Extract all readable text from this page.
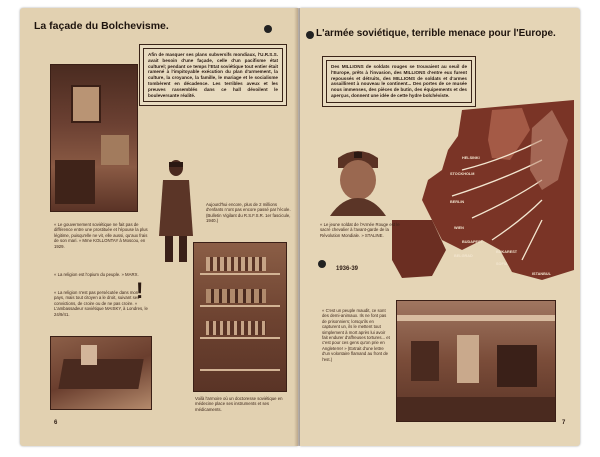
La façade du Bolchevisme.
Afin de masquer ses plans subversifs mondiaux, l'U.R.S.S. avait besoin d'une façade, celle d'un pacifisme état culturel; pendant ce temps l'Etat soviétique tout entier était ramené à l'impitoyable exécution du plan d'armement, la culture, la croyance, la famille, le mariage et le socialisme tombèrent en décadence. Les terribles aveux et les preuves rassemblés dans ce hall dévoilent le bouleversante réalité.
Aujourd'hui encore, plus de 2 millions d'enfants n'ont pas encore passé par l'école. (Bulletin Vigilant du R.S.F.S.R. 1er fascicule, 1940.)
« Le gouvernement soviétique ne fait pas de différence entre une prostituée et l'épouse la plus légitime, puisqu'elle ne vit, elle aussi, qu'aux frais de son mari. » Mme KOLLONTAY à Moscou, en 1929.
« La religion est l'opium du peuple. » MARX.
« La religion n'est pas persécutée dans mon pays, mais tout citoyen a le droit, suivant ses convictions, de croire ou de ne pas croire. » L'ambassadeur soviétique MAISKY, à Londres, le 24/9/41.
!
Voilà l'armoire où un doctoresse soviétique en médecine place ses instruments et ses médicaments.
6
L'armée soviétique, terrible menace pour l'Europe.
Des MILLIONS de soldats rouges se trouvaient au seuil de l'Europe, prêts à l'invasion, des MILLIONS d'entre eux furent repoussés et détruits, des MILLIONS de soldats et d'armes assaillirent à nouveau le continent... Des portes de ce musée nous immenses, des pièces de butin, des équipements et des aperçus, donnent une idée de cette hydre bolchéviste.
HELSINKI
STOCKHOLM
BERLIN
WIEN
BUDAPEST
BELGRAD
BUKAREST
SOFIA
ISTANBUL
« Le jeune soldat de l'Armée Rouge est le sacré chevalier à l'avant-garde de la Révolution Mondiale. » STALINE.
1936-39
« C'est un peuple maudit, ce sont des demi-animaux. Ils ne font pas de prisonniers; lorsqu'ils en capturent un, ils le mettent tout simplement à mort après lui avoir fait endurer d'affreuses tortures... et c'est pour ces gens qu'on prie en Angleterre! » (Extrait d'une lettre d'un volontaire flamand au front de l'est.)
7
